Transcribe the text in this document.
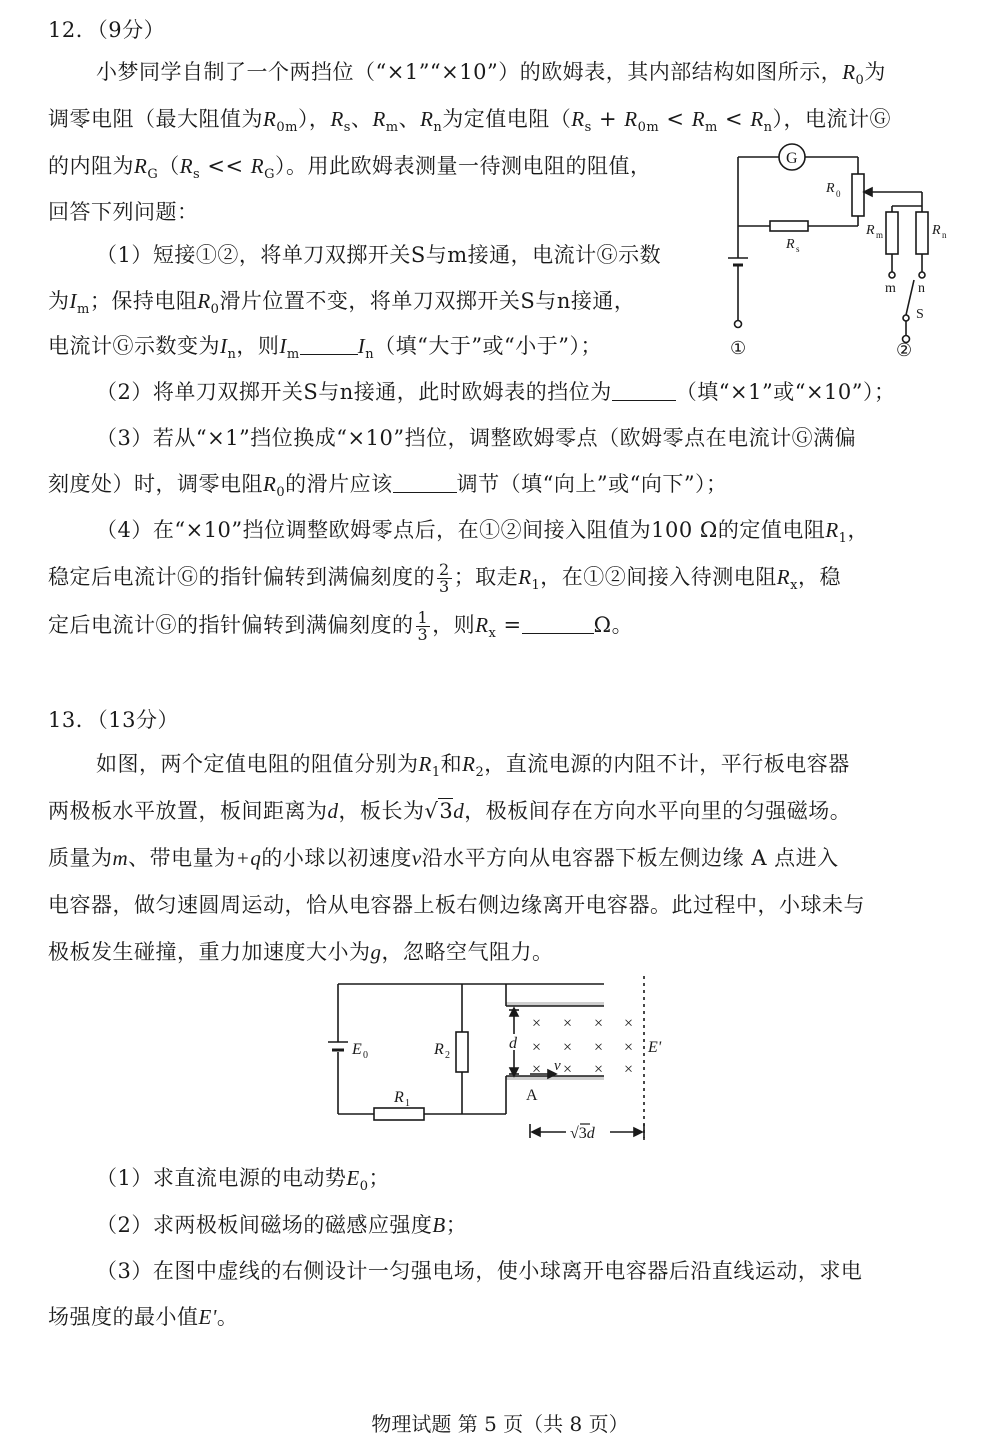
12．（9分）
小梦同学自制了一个两挡位（“×1”“×10”）的欧姆表，其内部结构如图所示，$R_0$为
调零电阻（最大阻值为$R_{0m}$），$R_s$、$R_m$、$R_n$为定值电阻$(R_s + R_{0m} < R_m < R_n)$，电流计Ⓖ
的内阻为$R_G(R_s << R_G)$。用此欧姆表测量一待测电阻的阻值，
回答下列问题：
（1）短接①②，将单刀双掷开关S与m接通，电流计Ⓖ示数
为$I_m$；保持电阻$R_0$滑片位置不变，将单刀双掷开关S与n接通，
电流计Ⓖ示数变为$I_n$，则$I_m$	$I_n$（填“大于”或“小于”）；
（2）将单刀双掷开关S与n接通，此时欧姆表的挡位为	（填“×1”或“×10”）；
（3）若从“×1”挡位换成“×10”挡位，调整欧姆零点（欧姆零点在电流计Ⓖ满偏
刻度处）时，调零电阻$R_0$的滑片应该	调节（填“向上”或“向下”）；
（4）在“×10”挡位调整欧姆零点后，在①②间接入阻值为100 Ω的定值电阻$R_1$，
稳定后电流计Ⓖ的指针偏转到满偏刻度的 $\frac{2}{3}$ ；取走$R_1$，在①②间接入待测电阻$R_x$，稳
定后电流计Ⓖ的指针偏转到满偏刻度的 $\frac{1}{3}$ ，则$R_x$ =	Ω。
G
R 0
R s
R m	R n
m n
S
①	②
13．（13分）
如图，两个定值电阻的阻值分别为$R_1$和$R_2$，直流电源的内阻不计，平行板电容器
两极板水平放置，板间距离为d，板长为√3d，极板间存在方向水平向里的匀强磁场。
质量为m、带电量为+q的小球以初速度v沿水平方向从电容器下板左侧边缘 A 点进入
电容器，做匀速圆周运动，恰从电容器上板右侧边缘离开电容器。此过程中，小球未与
极板发生碰撞，重力加速度大小为g，忽略空气阻力。
E 0	R 2
R 1
× × × ×
× × × ×
× × × ×
d
v
A
E'
√3d
（1）求直流电源的电动势$E_0$；
（2）求两极板间磁场的磁感应强度B；
（3）在图中虚线的右侧设计一匀强电场，使小球离开电容器后沿直线运动，求电
场强度的最小值E'。
物理试题 第 5 页（共 8 页）
